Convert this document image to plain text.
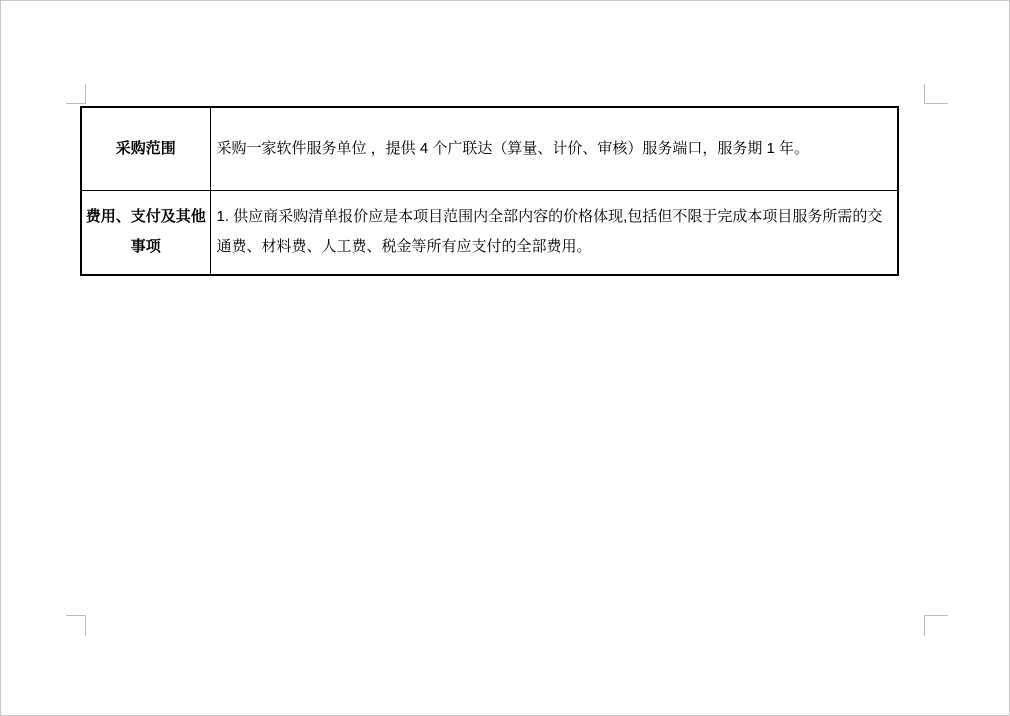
采购范围	采购一家软件服务单位 ，提供 4 个广联达（算量、计价、审核）服务端口，服务期 1 年。
费用、支付及其他事项	1. 供应商采购清单报价应是本项目范围内全部内容的价格体现,包括但不限于完成本项目服务所需的交通费、材料费、人工费、税金等所有应支付的全部费用。
